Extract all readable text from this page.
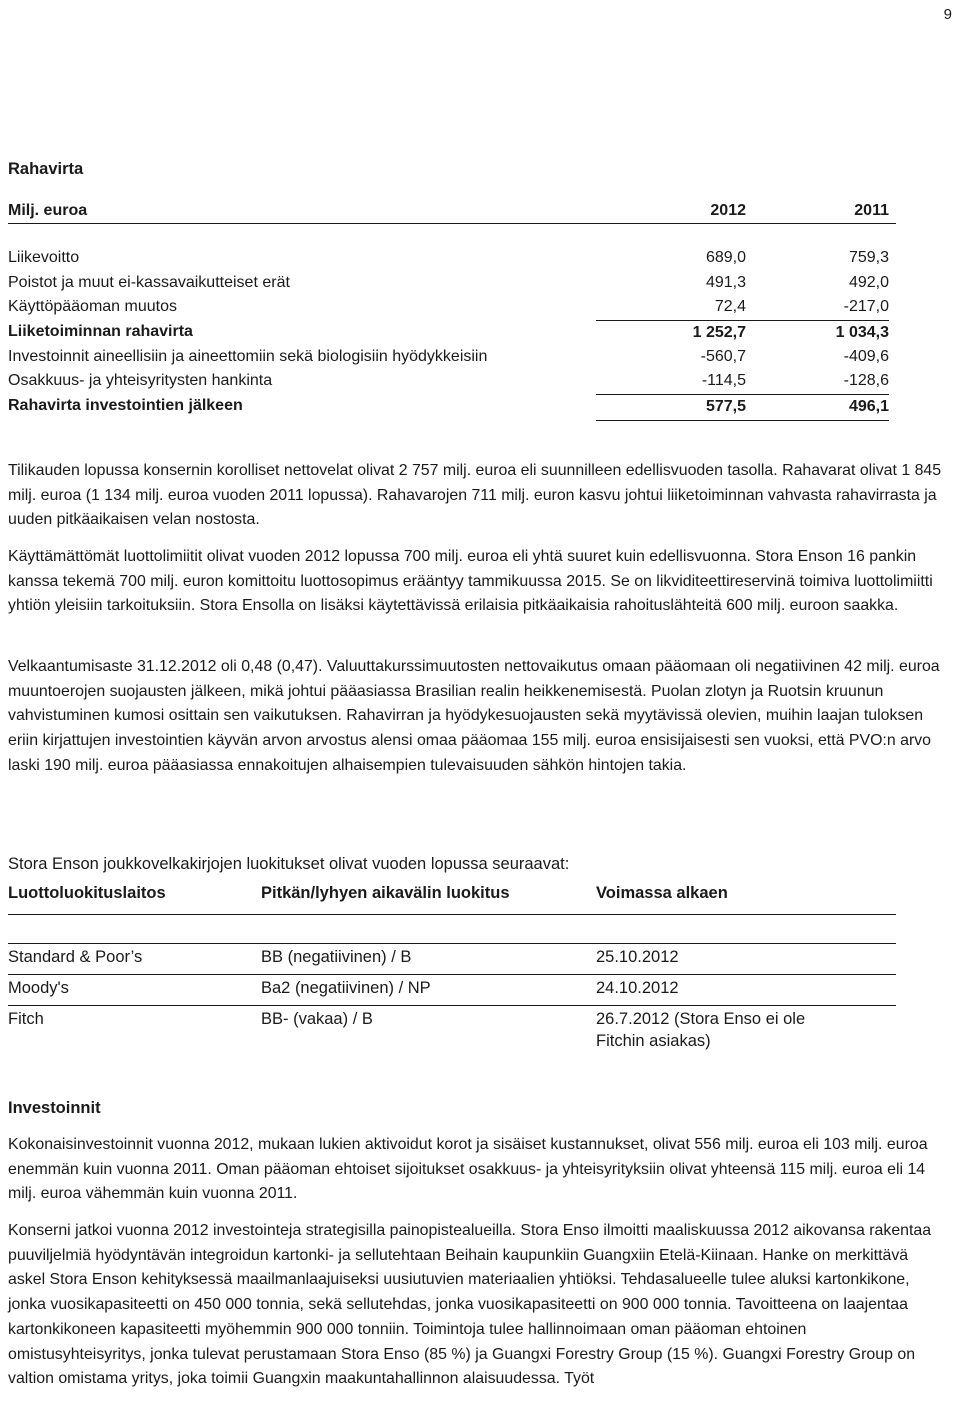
9
Rahavirta
Milj. euroa	2012	2011
Liikevoitto	689,0	759,3
Poistot ja muut ei-kassavaikutteiset erät	491,3	492,0
Käyttöpääoman muutos	72,4	-217,0
Liiketoiminnan rahavirta	1 252,7	1 034,3
Investoinnit aineellisiin ja aineettomiin sekä biologisiin hyödykkeisiin	-560,7	-409,6
Osakkuus- ja yhteisyritysten hankinta	-114,5	-128,6
Rahavirta investointien jälkeen	577,5	496,1

Tilikauden lopussa konsernin korolliset nettovelat olivat 2 757 milj. euroa eli suunnilleen edellisvuoden tasolla. Rahavarat olivat 1 845 milj. euroa (1 134 milj. euroa vuoden 2011 lopussa). Rahavarojen 711 milj. euron kasvu johtui liiketoiminnan vahvasta rahavirrasta ja uuden pitkäaikaisen velan nostosta.

Käyttämättömät luottolimiitit olivat vuoden 2012 lopussa 700 milj. euroa eli yhtä suuret kuin edellisvuonna. Stora Enson 16 pankin kanssa tekemä 700 milj. euron komittoitu luottosopimus erääntyy tammikuussa 2015. Se on likviditeettireservinä toimiva luottolimiitti yhtiön yleisiin tarkoituksiin. Stora Ensolla on lisäksi käytettävissä erilaisia pitkäaikaisia rahoituslähteitä 600 milj. euroon saakka.

Velkaantumisaste 31.12.2012 oli 0,48 (0,47). Valuuttakurssimuutosten nettovaikutus omaan pääomaan oli negatiivinen 42 milj. euroa muuntoerojen suojausten jälkeen, mikä johtui pääasiassa Brasilian realin heikkenemisestä. Puolan zlotyn ja Ruotsin kruunun vahvistuminen kumosi osittain sen vaikutuksen. Rahavirran ja hyödykesuojausten sekä myytävissä olevien, muihin laajan tuloksen eriin kirjattujen investointien käyvän arvon arvostus alensi omaa pääomaa 155 milj. euroa ensisijaisesti sen vuoksi, että PVO:n arvo laski 190 milj. euroa pääasiassa ennakoitujen alhaisempien tulevaisuuden sähkön hintojen takia.

Stora Enson joukkovelkakirjojen luokitukset olivat vuoden lopussa seuraavat:

Luottoluokituslaitos	Pitkän/lyhyen aikavälin luokitus	Voimassa alkaen
Standard & Poor’s	BB (negatiivinen) / B	25.10.2012
Moody's	Ba2 (negatiivinen) / NP	24.10.2012
Fitch	BB- (vakaa) / B	26.7.2012 (Stora Enso ei ole
Fitchin asiakas)
Investoinnit

Kokonaisinvestoinnit vuonna 2012, mukaan lukien aktivoidut korot ja sisäiset kustannukset, olivat 556 milj. euroa eli 103 milj. euroa enemmän kuin vuonna 2011. Oman pääoman ehtoiset sijoitukset osakkuus- ja yhteisyrityksiin olivat yhteensä 115 milj. euroa eli 14 milj. euroa vähemmän kuin vuonna 2011.

Konserni jatkoi vuonna 2012 investointeja strategisilla painopistealueilla. Stora Enso ilmoitti maaliskuussa 2012 aikovansa rakentaa puuviljelmiä hyödyntävän integroidun kartonki- ja sellutehtaan Beihain kaupunkiin Guangxiin Etelä-Kiinaan. Hanke on merkittävä askel Stora Enson kehityksessä maailmanlaajuiseksi uusiutuvien materiaalien yhtiöksi. Tehdasalueelle tulee aluksi kartonkikone, jonka vuosikapasiteetti on 450 000 tonnia, sekä sellutehdas, jonka vuosikapasiteetti on 900 000 tonnia. Tavoitteena on laajentaa kartonkikoneen kapasiteetti myöhemmin 900 000 tonniin. Toimintoja tulee hallinnoimaan oman pääoman ehtoinen omistusyhteisyritys, jonka tulevat perustamaan Stora Enso (85 %) ja Guangxi Forestry Group (15 %). Guangxi Forestry Group on valtion omistama yritys, joka toimii Guangxin maakuntahallinnon alaisuudessa. Työt
